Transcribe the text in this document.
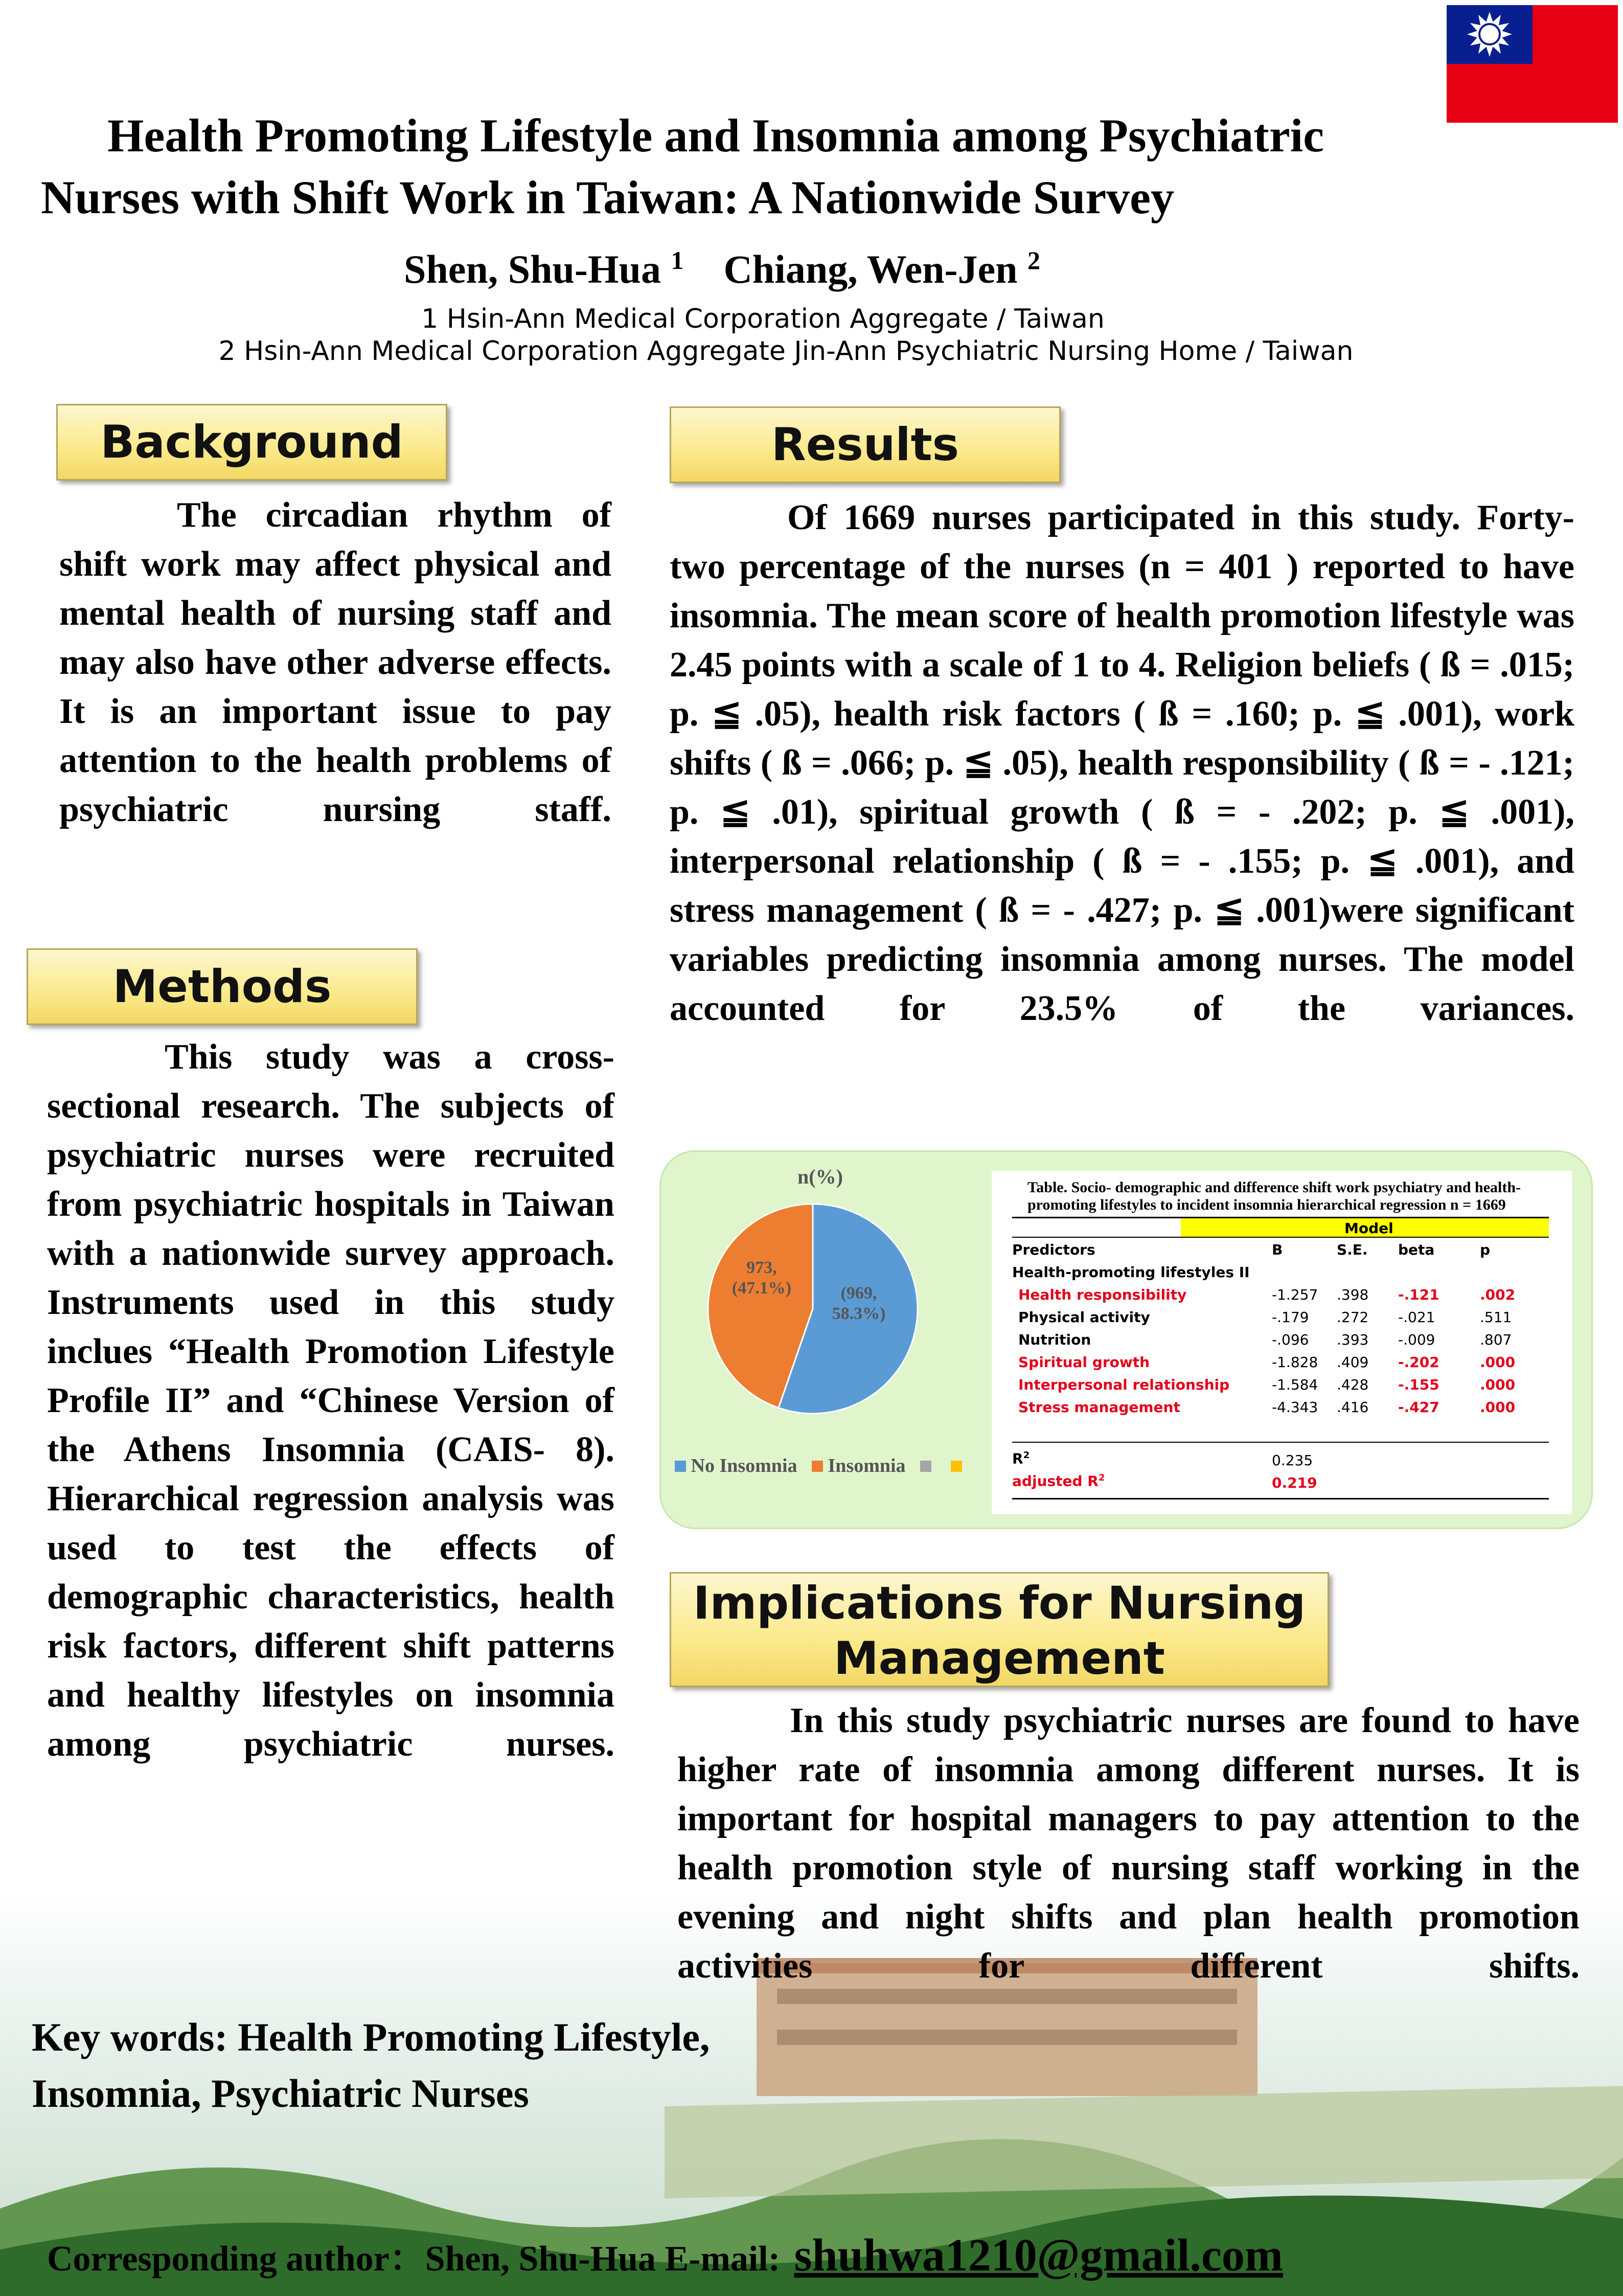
Health Promoting Lifestyle and Insomnia among Psychiatric
Nurses with Shift Work in Taiwan: A Nationwide Survey
Shen, Shu-Hua $^1$ Chiang, Wen-Jen $^2$
1 Hsin-Ann Medical Corporation Aggregate / Taiwan
2 Hsin-Ann Medical Corporation Aggregate Jin-Ann Psychiatric Nursing Home / Taiwan
Background
The circadian rhythm of shift work may affect physical and mental health of nursing staff and may also have other adverse effects. It is an important issue to pay attention to the health problems of psychiatric nursing staff.
Methods
This study was a cross-sectional research. The subjects of psychiatric nurses were recruited from psychiatric hospitals in Taiwan with a nationwide survey approach. Instruments used in this study inclues “Health Promotion Lifestyle Profile II” and “Chinese Version of the Athens Insomnia (CAIS- 8). Hierarchical regression analysis was used to test the effects of demographic characteristics, health risk factors, different shift patterns and healthy lifestyles on insomnia among psychiatric nurses.
Results
Of 1669 nurses participated in this study. Forty-two percentage of the nurses (n = 401 ) reported to have insomnia. The mean score of health promotion lifestyle was 2.45 points with a scale of 1 to 4. Religion beliefs ( ß = .015; p. ≦ .05), health risk factors ( ß = .160; p. ≦ .001), work shifts ( ß = .066; p. ≦ .05), health responsibility ( ß = - .121; p. ≦ .01), spiritual growth ( ß = - .202; p. ≦ .001), interpersonal relationship ( ß = - .155; p. ≦ .001), and stress management ( ß = - .427; p. ≦ .001)were significant variables predicting insomnia among nurses. The model accounted for 23.5% of the variances.
n(%)
(969,
58.3%)
973,
(47.1%)
No Insomnia Insomnia
Table. Socio- demographic and difference shift work psychiatry and health-
promoting lifestyles to incident insomnia hierarchical regression n = 1669
Model
Predictors	B	S.E. beta	p
Health-promoting lifestyles II
Health responsibility	-1.257 .398 -.121	.002
Physical activity	-.179 .272 -.021	.511
Nutrition	-.096 .393 -.009	.807
Spiritual growth	-1.828 .409 -.202	.000
Interpersonal relationship	-1.584 .428 -.155	.000
Stress management	-4.343 .416 -.427	.000
$R^2$	0.235
adjusted $R^2$	0.219
Implications for Nursing
Management
In this study psychiatric nurses are found to have higher rate of insomnia among different nurses. It is important for hospital managers to pay attention to the health promotion style of nursing staff working in the evening and night shifts and plan health promotion activities for different shifts.
Key words: Health Promoting Lifestyle,
Insomnia, Psychiatric Nurses
Corresponding author：Shen, Shu-Hua E-mail: shuhwa1210@gmail.com
